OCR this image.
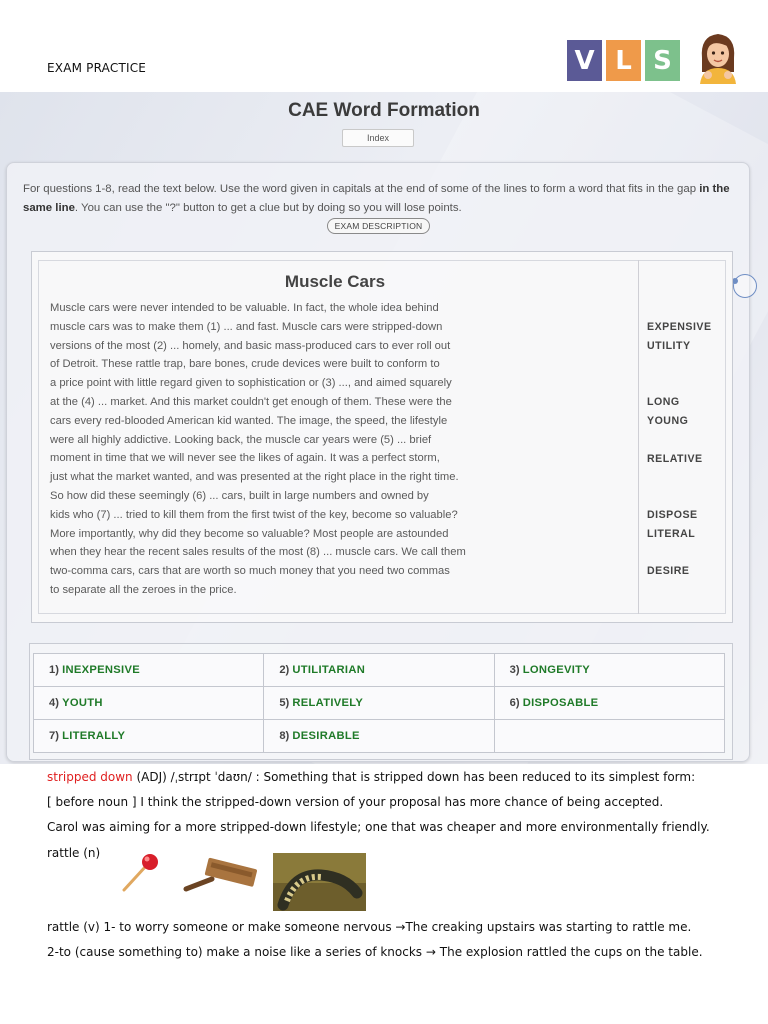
EXAM PRACTICE	V L S
CAE Word Formation
Index
For questions 1-8, read the text below. Use the word given in capitals at the end of some of the lines to form a word that fits in the gap in the same line. You can use the "?" button to get a clue but by doing so you will lose points.
EXAM DESCRIPTION
Muscle Cars
Muscle cars were never intended to be valuable. In fact, the whole idea behind
muscle cars was to make them (1) ... and fast. Muscle cars were stripped-down
versions of the most (2) ... homely, and basic mass-produced cars to ever roll out
of Detroit. These rattle trap, bare bones, crude devices were built to conform to
a price point with little regard given to sophistication or (3) ..., and aimed squarely
at the (4) ... market. And this market couldn't get enough of them. These were the
cars every red-blooded American kid wanted. The image, the speed, the lifestyle
were all highly addictive. Looking back, the muscle car years were (5) ... brief
moment in time that we will never see the likes of again. It was a perfect storm,
just what the market wanted, and was presented at the right place in the right time.
So how did these seemingly (6) ... cars, built in large numbers and owned by
kids who (7) ... tried to kill them from the first twist of the key, become so valuable?
More importantly, why did they become so valuable? Most people are astounded
when they hear the recent sales results of the most (8) ... muscle cars. We call them
two-comma cars, cars that are worth so much money that you need two commas
to separate all the zeroes in the price.
EXPENSIVE
UTILITY
LONG
YOUNG
RELATIVE
DISPOSE
LITERAL
DESIRE
1) INEXPENSIVE	2) UTILITARIAN	3) LONGEVITY
4) YOUTH	5) RELATIVELY	6) DISPOSABLE
7) LITERALLY	8) DESIRABLE	
stripped down (ADJ) /ˌstrɪpt ˈdaʊn/ : Something that is stripped down has been reduced to its simplest form:
[ before noun ] I think the stripped-down version of your proposal has more chance of being accepted.
Carol was aiming for a more stripped-down lifestyle; one that was cheaper and more environmentally friendly.
rattle (n)
rattle (v) 1- to worry someone or make someone nervous →The creaking upstairs was starting to rattle me.
2-to (cause something to) make a noise like a series of knocks → The explosion rattled the cups on the table.
